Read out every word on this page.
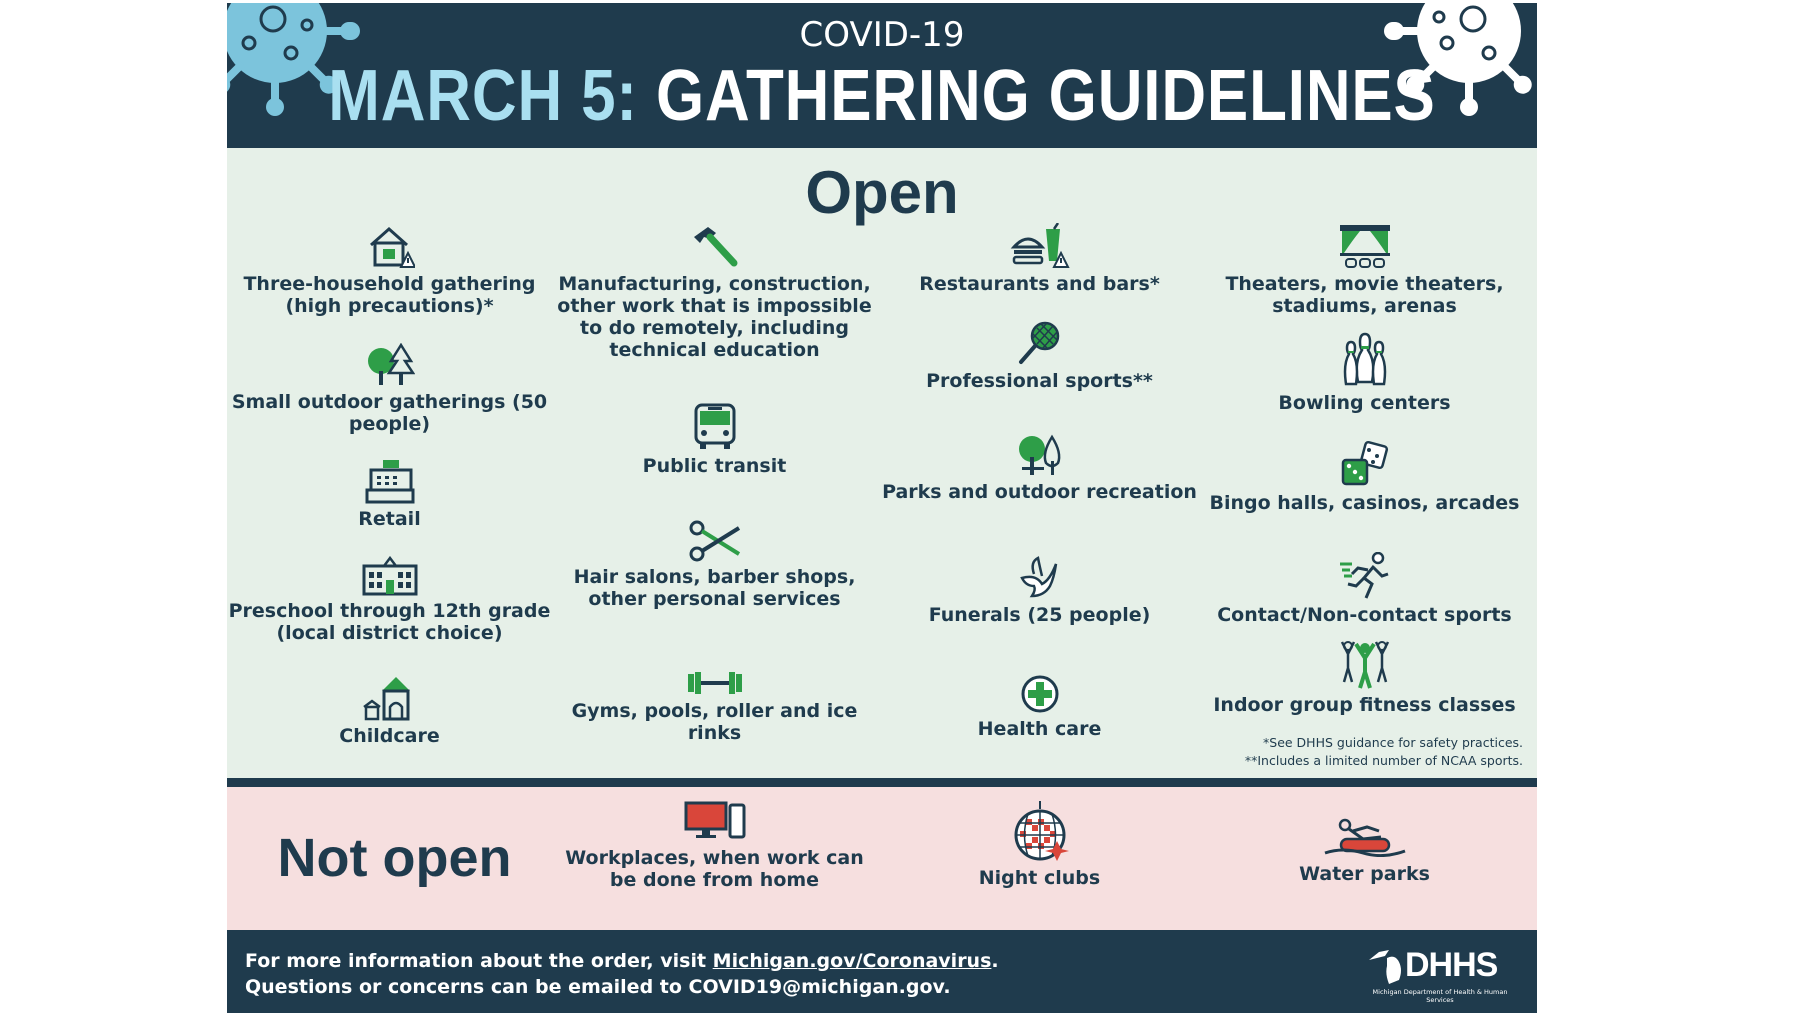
COVID-19
MARCH 5: GATHERING GUIDELINES
Open
Three-household gathering (high precautions)*
Small outdoor gatherings (50 people)
Retail
Preschool through 12th grade (local district choice)
Childcare
Manufacturing, construction, other work that is impossible to do remotely, including technical education
Public transit
Hair salons, barber shops, other personal services
Gyms, pools, roller and ice rinks
Restaurants and bars*
Professional sports**
Parks and outdoor recreation
Funerals (25 people)
Health care
Theaters, movie theaters, stadiums, arenas
Bowling centers
Bingo halls, casinos, arcades
Contact/Non-contact sports
Indoor group fitness classes
*See DHHS guidance for safety practices.
**Includes a limited number of NCAA sports.
Not open	Workplaces, when work can be done from home	Night clubs	Water parks
For more information about the order, visit Michigan.gov/Coronavirus.
Questions or concerns can be emailed to COVID19@michigan.gov.
DHHS
Michigan Department of Health & Human Services
